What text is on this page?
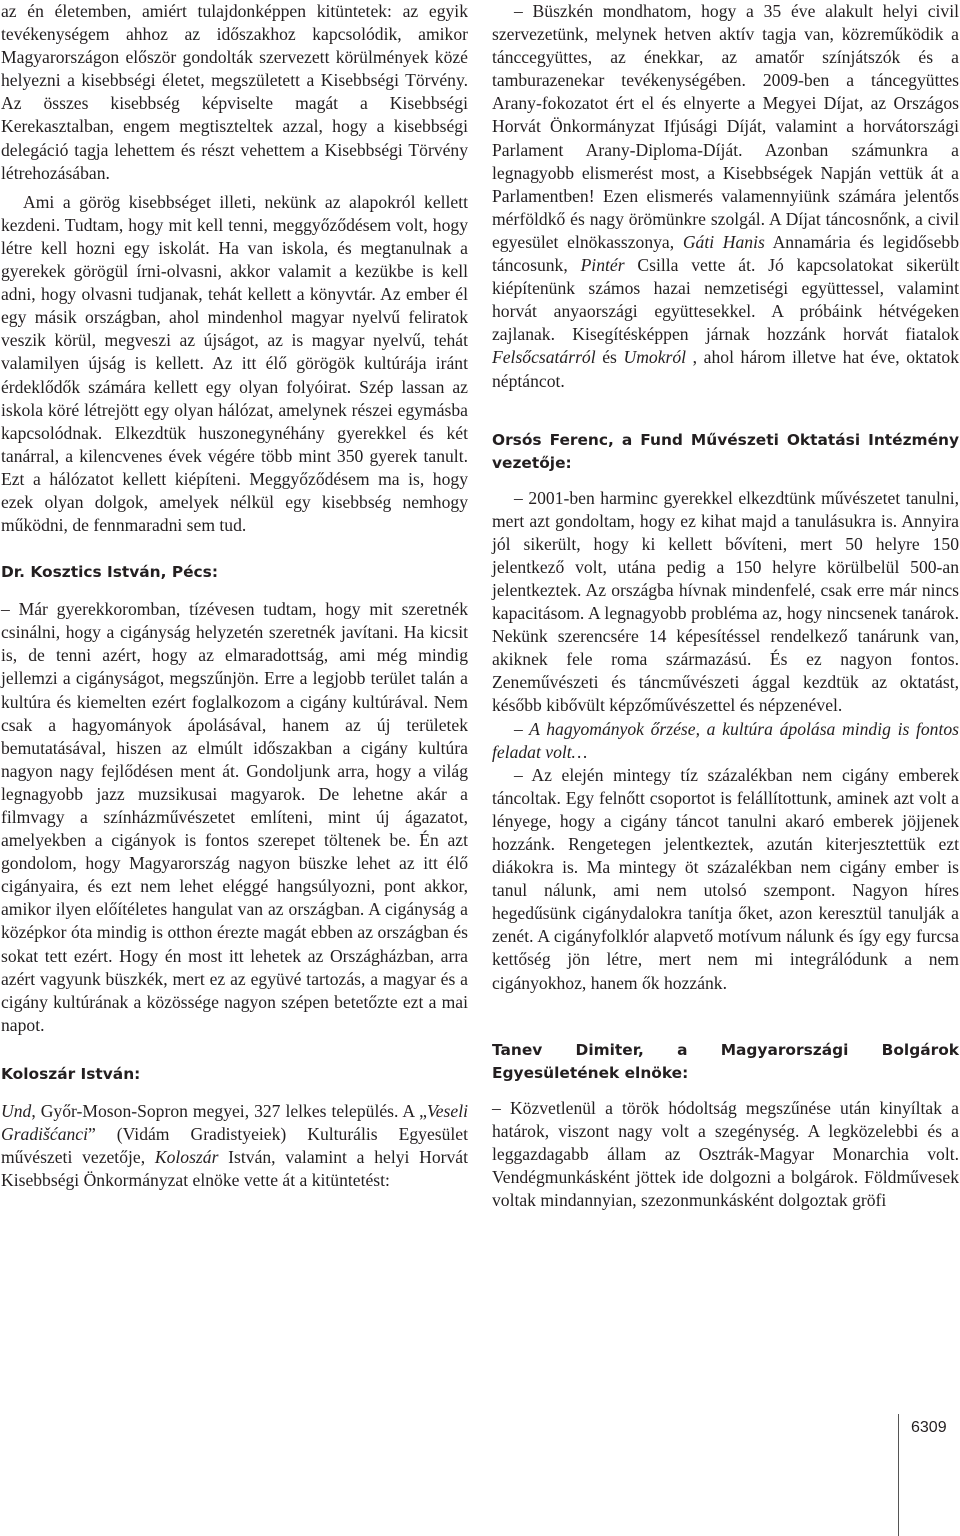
az én életemben, amiért tulajdonképpen kitüntetek: az egyik tevékenységem ahhoz az időszakhoz kapcsolódik, amikor Magyarországon először gondolták szervezett körülmények közé helyezni a kisebbségi életet, megszületett a Kisebbségi Törvény. Az összes kisebbség képviselte magát a Kisebbségi Kerekasztalban, engem megtiszteltek azzal, hogy a kisebbségi delegáció tagja lehettem és részt vehettem a Kisebbségi Törvény létrehozásában.

Ami a görög kisebbséget illeti, nekünk az alapokról kellett kezdeni. Tudtam, hogy mit kell tenni, meggyőződésem volt, hogy létre kell hozni egy iskolát. Ha van iskola, és megtanulnak a gyerekek görögül írni-olvasni, akkor valamit a kezükbe is kell adni, hogy olvasni tudjanak, tehát kellett a könyvtár. Az ember él egy másik országban, ahol mindenhol magyar nyelvű feliratok veszik körül, megveszi az újságot, az is magyar nyelvű, tehát valamilyen újság is kellett. Az itt élő görögök kultúrája iránt érdeklődők számára kellett egy olyan folyóirat. Szép lassan az iskola köré létrejött egy olyan hálózat, amelynek részei egymásba kapcsolódnak. Elkezdtük huszonegynéhány gyerekkel és két tanárral, a kilencvenes évek végére több mint 350 gyerek tanult. Ezt a hálózatot kellett kiépíteni. Meggyőződésem ma is, hogy ezek olyan dolgok, amelyek nélkül egy kisebbség nemhogy működni, de fennmaradni sem tud.

Dr. Kosztics István, Pécs:

– Már gyerekkoromban, tízévesen tudtam, hogy mit szeretnék csinálni, hogy a cigányság helyzetén szeretnék javítani. Ha kicsit is, de tenni azért, hogy az elmaradottság, ami még mindig jellemzi a cigányságot, megszűnjön. Erre a legjobb terület talán a kultúra és kiemelten ezért foglalkozom a cigány kultúrával. Nem csak a hagyományok ápolásával, hanem az új területek bemutatásával, hiszen az elmúlt időszakban a cigány kultúra nagyon nagy fejlődésen ment át. Gondoljunk arra, hogy a világ legnagyobb jazz muzsikusai magyarok. De lehetne akár a filmvagy a színházművészetet említeni, mint új ágazatot, amelyekben a cigányok is fontos szerepet töltenek be. Én azt gondolom, hogy Magyarország nagyon büszke lehet az itt élő cigányaira, és ezt nem lehet eléggé hangsúlyozni, pont akkor, amikor ilyen előítéletes hangulat van az országban. A cigányság a középkor óta mindig is otthon érezte magát ebben az országban és sokat tett ezért. Hogy én most itt lehetek az Országházban, arra azért vagyunk büszkék, mert ez az együvé tartozás, a magyar és a cigány kultúrának a közössége nagyon szépen betetőzte ezt a mai napot.

Koloszár István:

Und, Győr-Moson-Sopron megyei, 327 lelkes település. A „Veseli Gradišćanci” (Vidám Gradistyeiek) Kulturális Egyesület művészeti vezetője, Koloszár István, valamint a helyi Horvát Kisebbségi Önkormányzat elnöke vette át a kitüntetést:

– Büszkén mondhatom, hogy a 35 éve alakult helyi civil szervezetünk, melynek hetven aktív tagja van, közreműködik a tánccegyüttes, az énekkar, az amatőr színjátszók és a tamburazenekar tevékenységében. 2009-ben a táncegyüttes Arany-fokozatot ért el és elnyerte a Megyei Díjat, az Országos Horvát Önkormányzat Ifjúsági Díját, valamint a horvátországi Parlament Arany-Diploma-Díját. Azonban számunkra a legnagyobb elismerést most, a Kisebbségek Napján vettük át a Parlamentben! Ezen elismerés valamennyiünk számára jelentős mérföldkő és nagy örömünkre szolgál. A Díjat táncosnőnk, a civil egyesület elnökasszonya, Gáti Hanis Annamária és legidősebb táncosunk, Pintér Csilla vette át. Jó kapcsolatokat sikerült kiépítenünk számos hazai nemzetiségi együttessel, valamint horvát anyaországi együttesekkel. A próbáink hétvégeken zajlanak. Kisegítésképpen járnak hozzánk horvát fiatalok Felsőcsatárról és Umokról , ahol három illetve hat éve, oktatok néptáncot.

Orsós Ferenc, a Fund Művészeti Oktatási Intézmény vezetője:

– 2001-ben harminc gyerekkel elkezdtünk művészetet tanulni, mert azt gondoltam, hogy ez kihat majd a tanulásukra is. Annyira jól sikerült, hogy ki kellett bővíteni, mert 50 helyre 150 jelentkező volt, utána pedig a 150 helyre körülbelül 500-an jelentkeztek. Az országba hívnak mindenfelé, csak erre már nincs kapacitásom. A legnagyobb probléma az, hogy nincsenek tanárok. Nekünk szerencsére 14 képesítéssel rendelkező tanárunk van, akiknek fele roma származású. És ez nagyon fontos. Zeneművészeti és táncművészeti ággal kezdtük az oktatást, később kibővült képzőművészettel és népzenével.

– A hagyományok őrzése, a kultúra ápolása mindig is fontos feladat volt…

– Az elején mintegy tíz százalékban nem cigány emberek táncoltak. Egy felnőtt csoportot is felállítottunk, aminek azt volt a lényege, hogy a cigány táncot tanulni akaró emberek jöjjenek hozzánk. Rengetegen jelentkeztek, azután kiterjesztettük ezt diákokra is. Ma mintegy öt százalékban nem cigány ember is tanul nálunk, ami nem utolsó szempont. Nagyon híres hegedűsünk cigánydalokra tanítja őket, azon keresztül tanulják a zenét. A cigányfolklór alapvető motívum nálunk és így egy furcsa kettőség jön létre, mert nem mi integrálódunk a nem cigányokhoz, hanem ők hozzánk.

Tanev Dimiter, a Magyarországi Bolgárok Egyesületének elnöke:

– Közvetlenül a török hódoltság megszűnése után kinyíltak a határok, viszont nagy volt a szegénység. A legközelebbi és a leggazdagabb állam az Osztrák-Magyar Monarchia volt. Vendégmunkásként jöttek ide dolgozni a bolgárok. Földművesek voltak mindannyian, szezonmunkásként dolgoztak gröfi

6309
